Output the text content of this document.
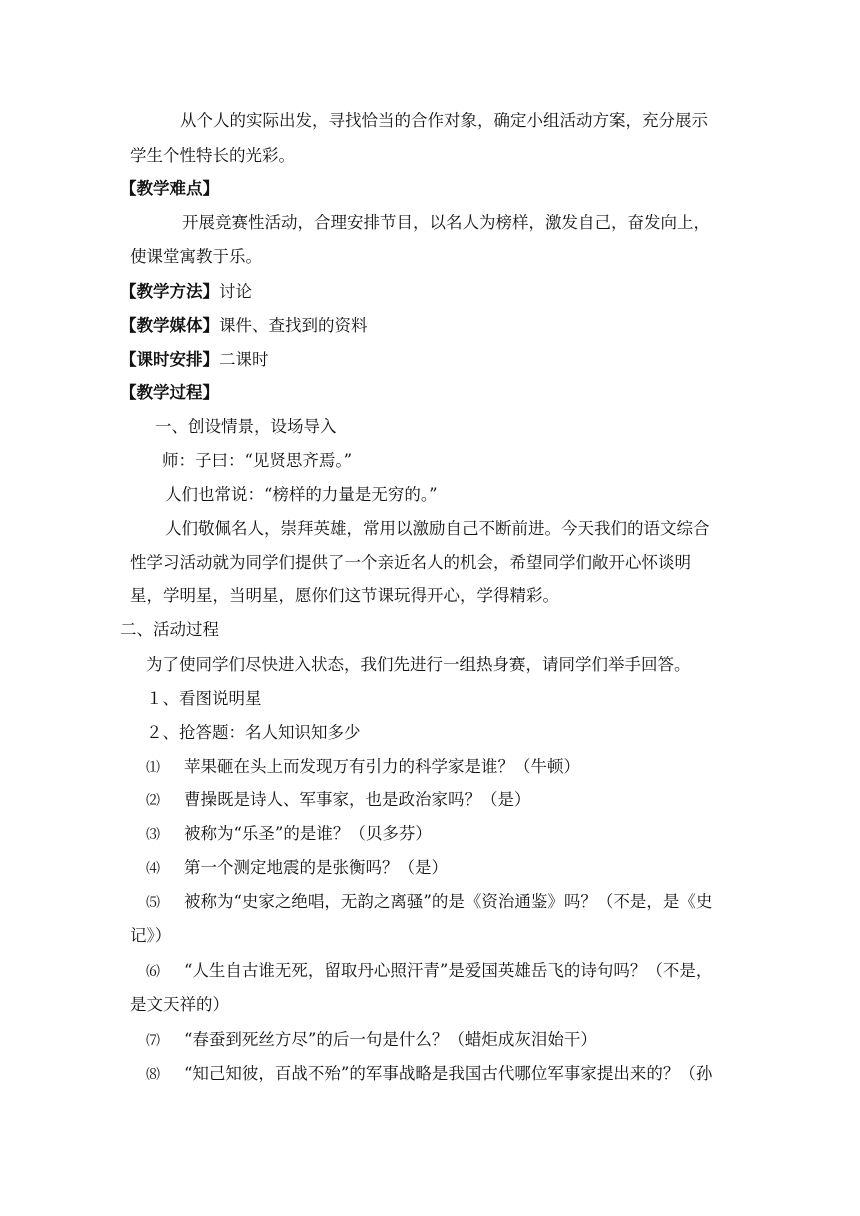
从个人的实际出发，寻找恰当的合作对象，确定小组活动方案，充分展示
学生个性特长的光彩。
【教学难点】
开展竞赛性活动，合理安排节目，以名人为榜样，激发自己，奋发向上，
使课堂寓教于乐。
【教学方法】讨论
【教学媒体】课件、查找到的资料
【课时安排】二课时
【教学过程】
一、创设情景，设场导入
师：子曰：“见贤思齐焉。”
人们也常说：“榜样的力量是无穷的。”
人们敬佩名人，崇拜英雄，常用以激励自己不断前进。今天我们的语文综合
性学习活动就为同学们提供了一个亲近名人的机会，希望同学们敞开心怀谈明
星，学明星，当明星，愿你们这节课玩得开心，学得精彩。
二、活动过程
为了使同学们尽快进入状态，我们先进行一组热身赛，请同学们举手回答。
１、看图说明星
２、抢答题：名人知识知多少
⑴ 苹果砸在头上而发现万有引力的科学家是谁？（牛顿）
⑵ 曹操既是诗人、军事家，也是政治家吗？（是）
⑶ 被称为“乐圣”的是谁？（贝多芬）
⑷ 第一个测定地震的是张衡吗？（是）
⑸ 被称为“史家之绝唱，无韵之离骚”的是《资治通鉴》吗？（不是，是《史
记》）
⑹ “人生自古谁无死，留取丹心照汗青”是爱国英雄岳飞的诗句吗？（不是，
是文天祥的）
⑺ “春蚕到死丝方尽”的后一句是什么？（蜡炬成灰泪始干）
⑻ “知己知彼，百战不殆”的军事战略是我国古代哪位军事家提出来的？（孙
